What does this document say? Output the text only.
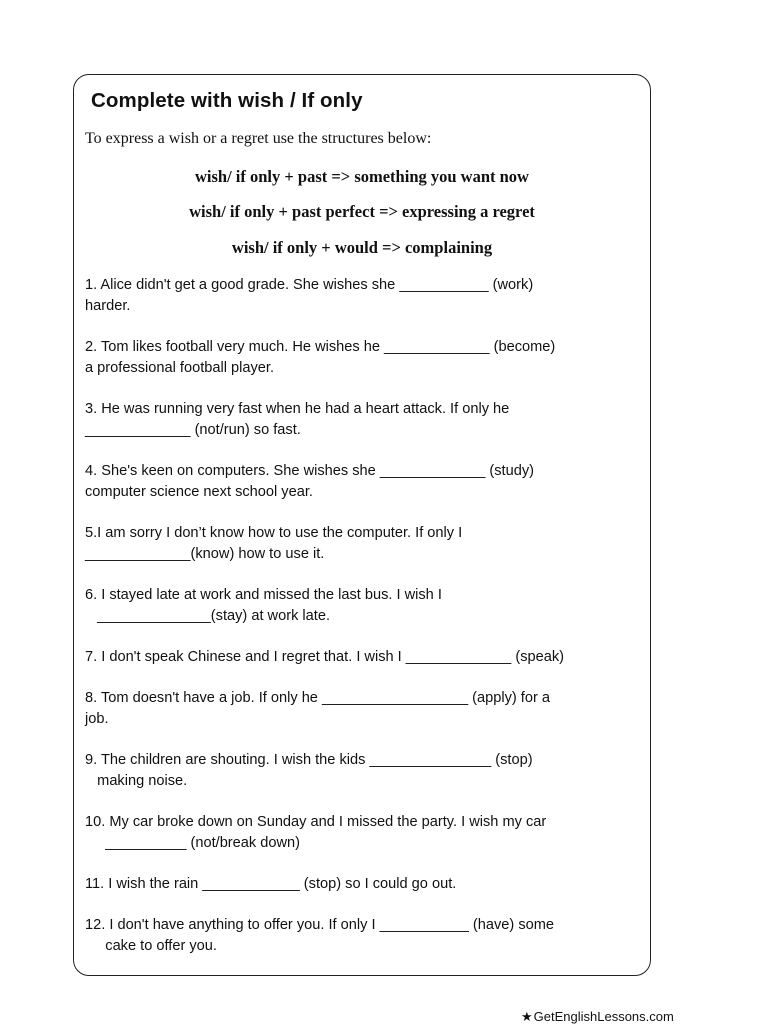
Complete with wish / If only
To express a wish or a regret use the structures below:
wish/ if only + past => something you want now
wish/ if only + past perfect => expressing a regret
wish/ if only + would => complaining
1. Alice didn't get a good grade. She wishes she ___________ (work)
harder.
2. Tom likes football very much. He wishes he _____________ (become)
a professional football player.
3. He was running very fast when he had a heart attack. If only he
_____________ (not/run) so fast.
4. She's keen on computers. She wishes she _____________ (study)
computer science next school year.
5.I am sorry I don’t know how to use the computer. If only I
_____________(know) how to use it.
6. I stayed late at work and missed the last bus. I wish I
______________(stay) at work late.
7. I don't speak Chinese and I regret that. I wish I _____________ (speak)
8. Tom doesn't have a job. If only he __________________ (apply) for a
job.
9. The children are shouting. I wish the kids _______________ (stop)
making noise.
10. My car broke down on Sunday and I missed the party. I wish my car
__________ (not/break down)
11. I wish the rain ____________ (stop) so I could go out.
12. I don't have anything to offer you. If only I ___________ (have) some
cake to offer you.
★GetEnglishLessons.com
